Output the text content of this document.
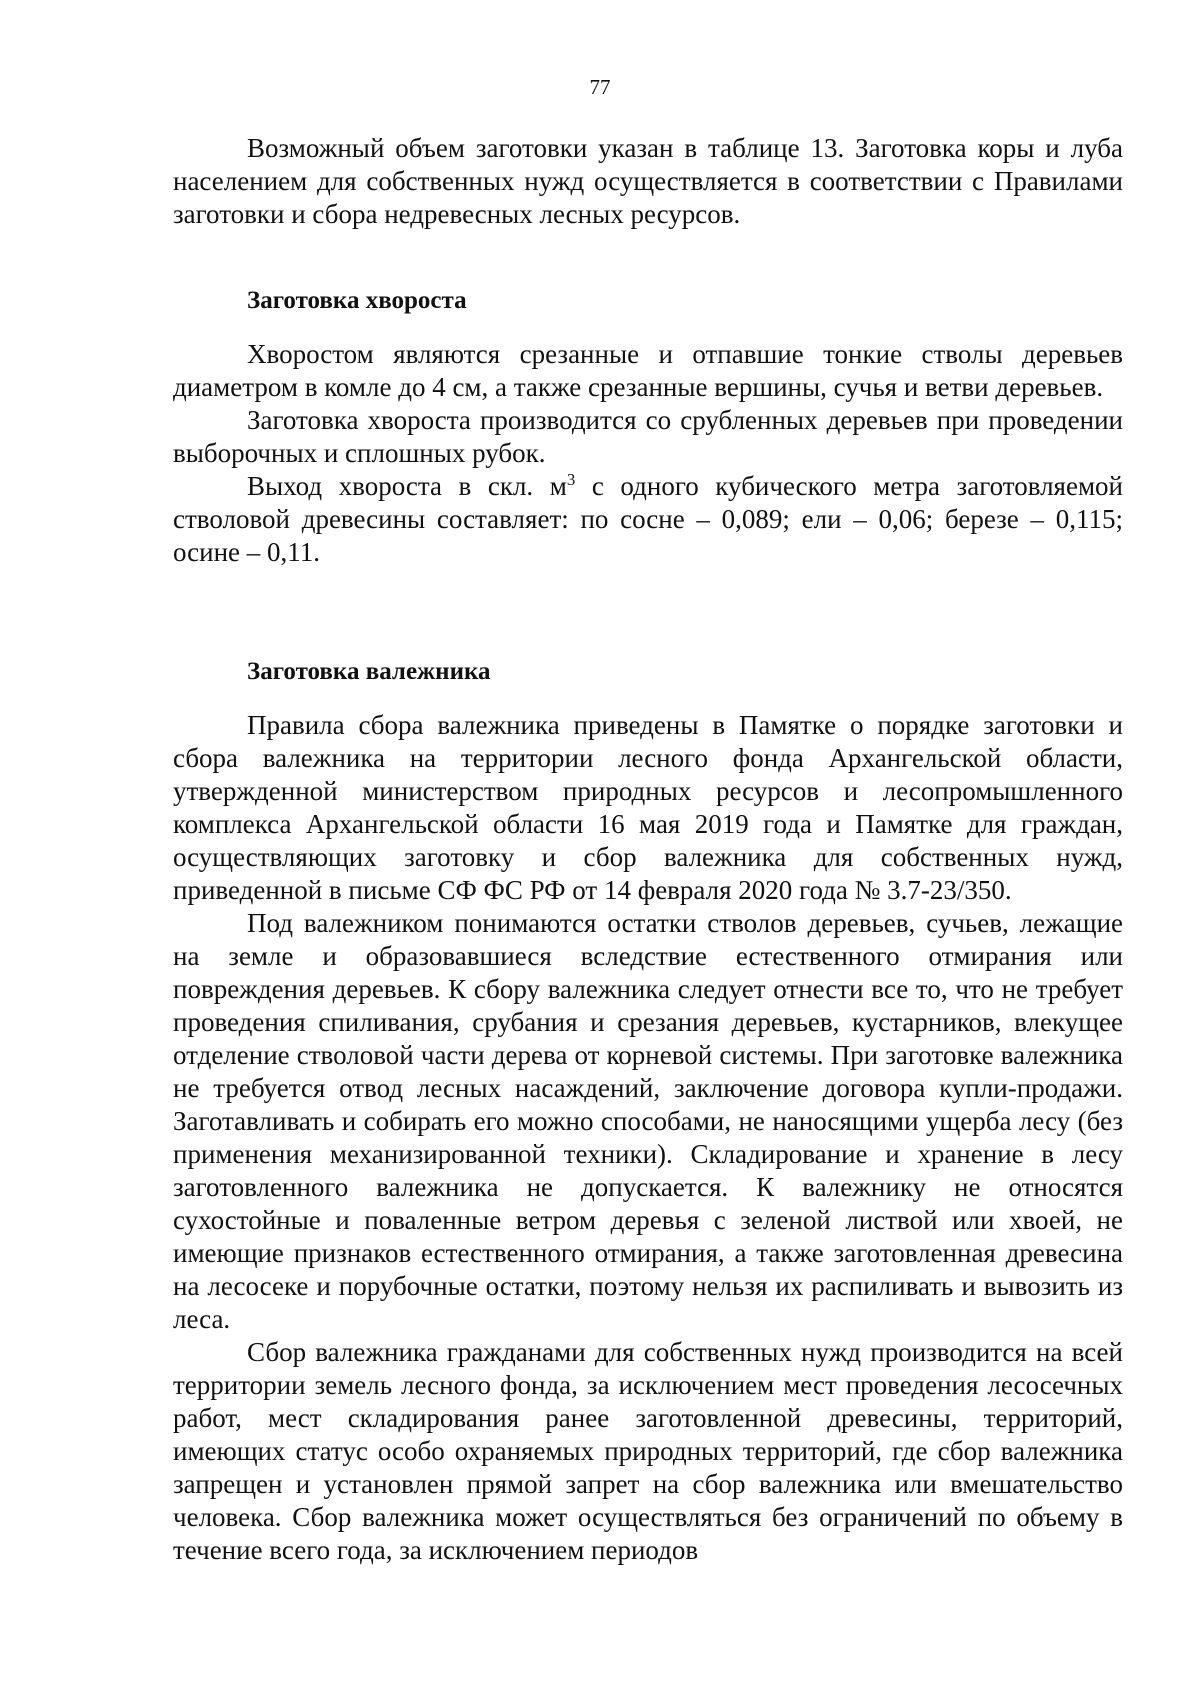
77

Возможный объем заготовки указан в таблице 13. Заготовка коры и луба населением для собственных нужд осуществляется в соответствии с Правилами заготовки и сбора недревесных лесных ресурсов.

Заготовка хвороста

Хворостом являются срезанные и отпавшие тонкие стволы деревьев диаметром в комле до 4 см, а также срезанные вершины, сучья и ветви деревьев.

Заготовка хвороста производится со срубленных деревьев при проведении выборочных и сплошных рубок.

Выход хвороста в скл. $м^3$ с одного кубического метра заготовляемой стволовой древесины составляет: по сосне – 0,089; ели – 0,06; березе – 0,115; осине – 0,11.

Заготовка валежника

Правила сбора валежника приведены в Памятке о порядке заготовки и сбора валежника на территории лесного фонда Архангельской области, утвержденной министерством природных ресурсов и лесопромышленного комплекса Архангельской области 16 мая 2019 года и Памятке для граждан, осуществляющих заготовку и сбор валежника для собственных нужд, приведенной в письме СФ ФС РФ от 14 февраля 2020 года № 3.7-23/350.

Под валежником понимаются остатки стволов деревьев, сучьев, лежащие на земле и образовавшиеся вследствие естественного отмирания или повреждения деревьев. К сбору валежника следует отнести все то, что не требует проведения спиливания, срубания и срезания деревьев, кустарников, влекущее отделение стволовой части дерева от корневой системы. При заготовке валежника не требуется отвод лесных насаждений, заключение договора купли-продажи. Заготавливать и собирать его можно способами, не наносящими ущерба лесу (без применения механизированной техники). Складирование и хранение в лесу заготовленного валежника не допускается. К валежнику не относятся сухостойные и поваленные ветром деревья с зеленой листвой или хвоей, не имеющие признаков естественного отмирания, а также заготовленная древесина на лесосеке и порубочные остатки, поэтому нельзя их распиливать и вывозить из леса.

Сбор валежника гражданами для собственных нужд производится на всей территории земель лесного фонда, за исключением мест проведения лесосечных работ, мест складирования ранее заготовленной древесины, территорий, имеющих статус особо охраняемых природных территорий, где сбор валежника запрещен и установлен прямой запрет на сбор валежника или вмешательство человека. Сбор валежника может осуществляться без ограничений по объему в течение всего года, за исключением периодов
